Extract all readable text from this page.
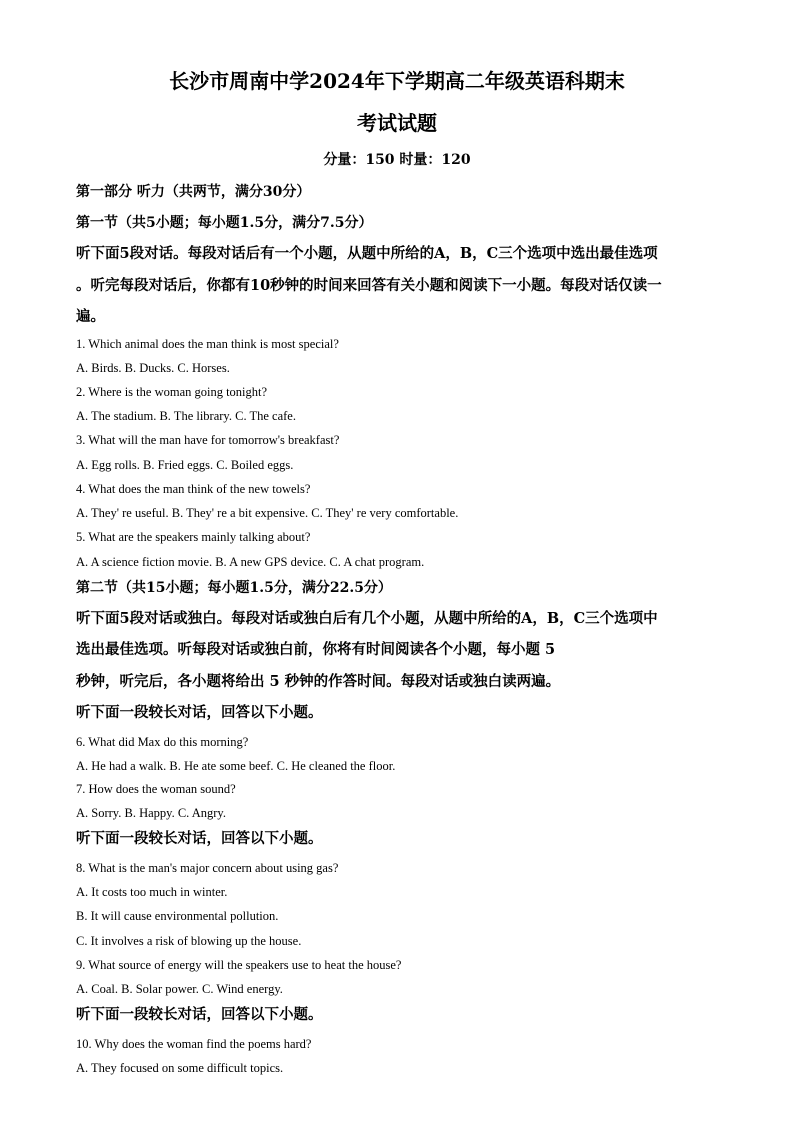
长沙市周南中学2024年下学期高二年级英语科期末
考试试题
分量：150 时量：120
第一部分 听力（共两节，满分30分）
第一节（共5小题；每小题1.5分，满分7.5分）
听下面5段对话。每段对话后有一个小题，从题中所给的A，B，C三个选项中选出最佳选项
。听完每段对话后，你都有10秒钟的时间来回答有关小题和阅读下一小题。每段对话仅读一
遍。
1. Which animal does the man think is most special?
A. Birds. B. Ducks. C. Horses.
2. Where is the woman going tonight?
A. The stadium. B. The library. C. The cafe.
3. What will the man have for tomorrow's breakfast?
A. Egg rolls. B. Fried eggs. C. Boiled eggs.
4. What does the man think of the new towels?
A. They' re useful. B. They' re a bit expensive. C. They' re very comfortable.
5. What are the speakers mainly talking about?
A. A science fiction movie. B. A new GPS device. C. A chat program.
第二节（共15小题；每小题1.5分，满分22.5分）
听下面5段对话或独白。每段对话或独白后有几个小题，从题中所给的A，B，C三个选项中
选出最佳选项。听每段对话或独白前，你将有时间阅读各个小题，每小题 5
秒钟，听完后，各小题将给出 5 秒钟的作答时间。每段对话或独白读两遍。
听下面一段较长对话，回答以下小题。
6. What did Max do this morning?
A. He had a walk. B. He ate some beef. C. He cleaned the floor.
7. How does the woman sound?
A. Sorry. B. Happy. C. Angry.
听下面一段较长对话，回答以下小题。
8. What is the man's major concern about using gas?
A. It costs too much in winter.
B. It will cause environmental pollution.
C. It involves a risk of blowing up the house.
9. What source of energy will the speakers use to heat the house?
A. Coal. B. Solar power. C. Wind energy.
听下面一段较长对话，回答以下小题。
10. Why does the woman find the poems hard?
A. They focused on some difficult topics.
